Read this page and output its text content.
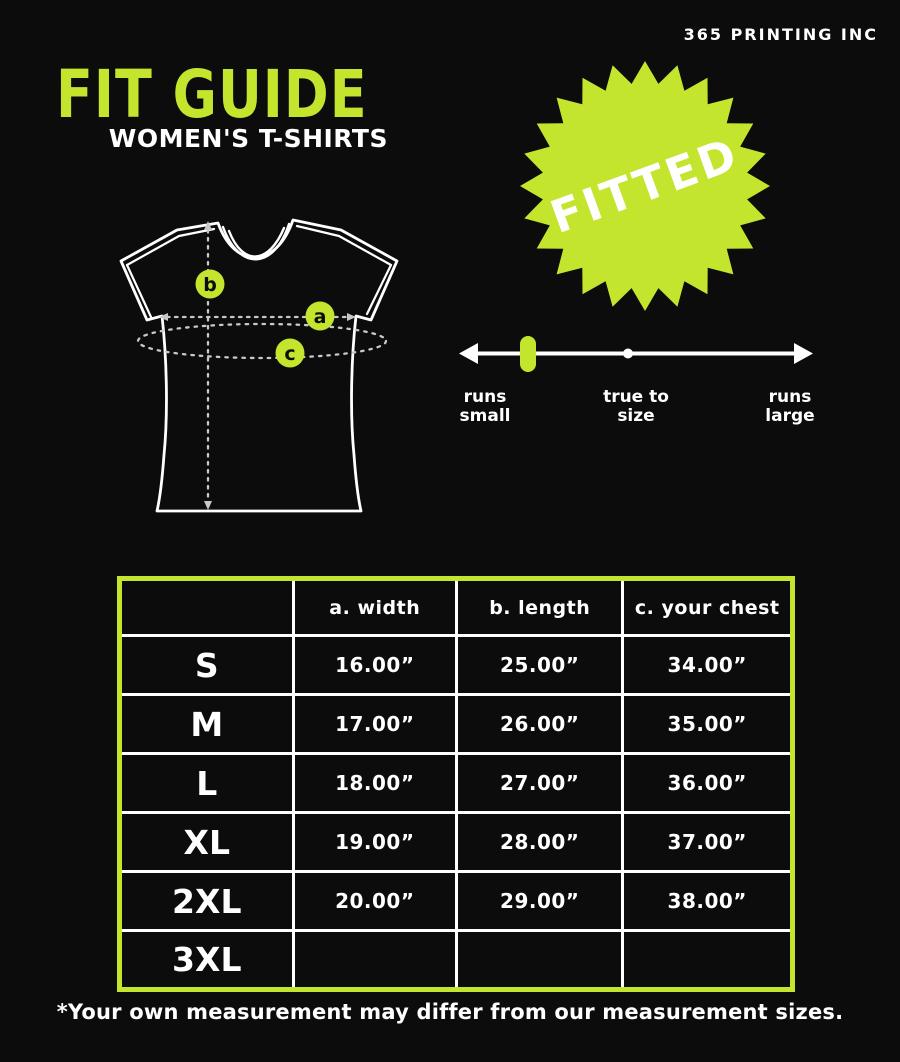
365 PRINTING INC
FIT GUIDE
WOMEN'S T-SHIRTS
a
b
c
FITTED
runs
small
true to
size
runs
large
	a. width	b. length	c. your chest
S	16.00”	25.00”	34.00”
M	17.00”	26.00”	35.00”
L	18.00”	27.00”	36.00”
XL	19.00”	28.00”	37.00”
2XL	20.00”	29.00”	38.00”
3XL			
*Your own measurement may differ from our measurement sizes.
